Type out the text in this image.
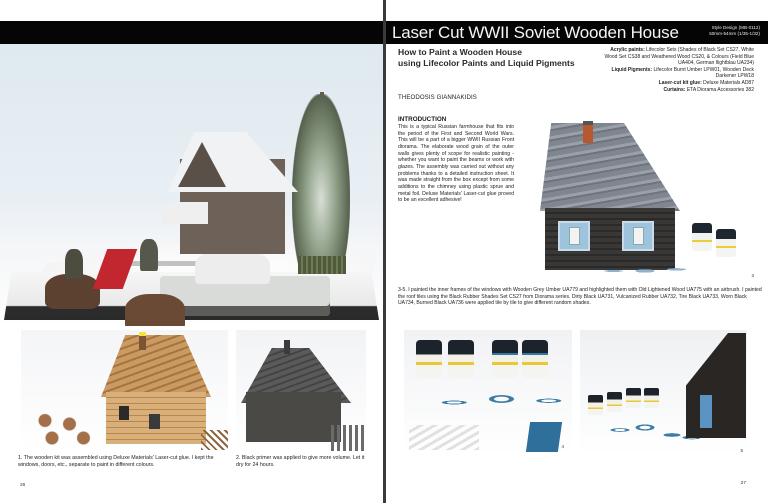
1. The wooden kit was assembled using Deluxe Materials' Laser-cut glue. I kept the windows, doors, etc., separate to paint in different colours.

2. Black primer was applied to give more volume. Let it dry for 24 hours.

26
Laser Cut WWII Soviet Wooden House	Style Design (MB-0112)
50mm-54mm (1/35-1/32)
How to Paint a Wooden House
using Lifecolor Paints and Liquid Pigments
Acrylic paints: Lifecolor Sets (Shades of Black Set CS27, White Wood Set CS38 and Weathered Wood CS20, & Colours (Field Blue UA404, German Ilightblau UA234)
Liquid Pigments: Lifecolor Burnt Umber LPW01, Wooden Deck Darkener LPW18
Laser-cut kit glue: Deluxe Materials AD87
Curtains: ETA Diorama Accessories 382
THEODOSIS GIANNAKIDIS
INTRODUCTION

This is a typical Russian farmhouse that fits into the period of the First and Second World Wars. This will be a part of a bigger WWII Russian Front diorama. The elaborate wood grain of the outer walls gives plenty of scope for realistic painting - whether you want to paint the beams or work with glazes. The assembly was carried out without any problems thanks to a detailed instruction sheet. It was made straight from the box except from some additions to the chimney using plastic sprue and metal foil. Deluxe Materials' Laser-cut glue proved to be an excellent adhesive!

3

3-5. I painted the inner frames of the windows with Wooden Grey Umber UA779 and highlighted them with Old Lightened Wood UA775 with an airbrush. I painted the roof tiles using the Black Rubber Shades Set CS27 from Diorama series. Dirty Black UA731, Vulcanized Rubber UA732, Tire Black UA733, Worn Black UA734, Burned Black UA736 were applied tile by tile to give different random shades.

4
5
27
